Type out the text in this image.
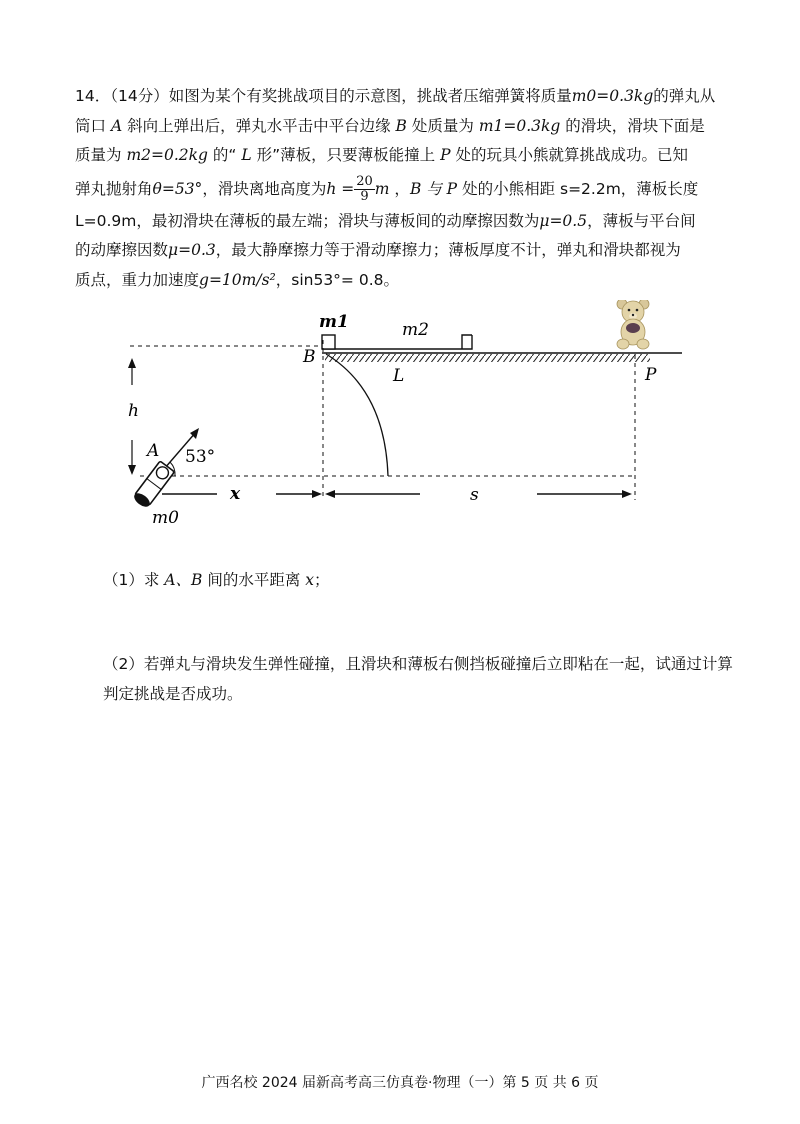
14．（14分）如图为某个有奖挑战项目的示意图，挑战者压缩弹簧将质量m0=0.3kg的弹丸从

筒口 A 斜向上弹出后，弹丸水平击中平台边缘 B 处质量为 m1=0.3kg 的滑块，滑块下面是

质量为 m2=0.2kg 的“ L 形”薄板，只要薄板能撞上 P 处的玩具小熊就算挑战成功。已知

弹丸抛射角θ=53°，滑块离地高度为$h = \frac{20}{9}$ m ，B 与 P 处的小熊相距 s=2.2m，薄板长度

L=0.9m，最初滑块在薄板的最左端；滑块与薄板间的动摩擦因数为μ=0.5，薄板与平台间

的动摩擦因数μ=0.3，最大静摩擦力等于滑动摩擦力；薄板厚度不计，弹丸和滑块都视为

质点，重力加速度g=10m/s²，sin53°= 0.8。

m1	m2
B
L	P
h
A 53°
m0
x	s

（1）求 A、B 间的水平距离 x；

（2）若弹丸与滑块发生弹性碰撞，且滑块和薄板右侧挡板碰撞后立即粘在一起，试通过计算判定挑战是否成功。

广西名校 2024 届新高考高三仿真卷·物理（一）第 5 页 共 6 页
